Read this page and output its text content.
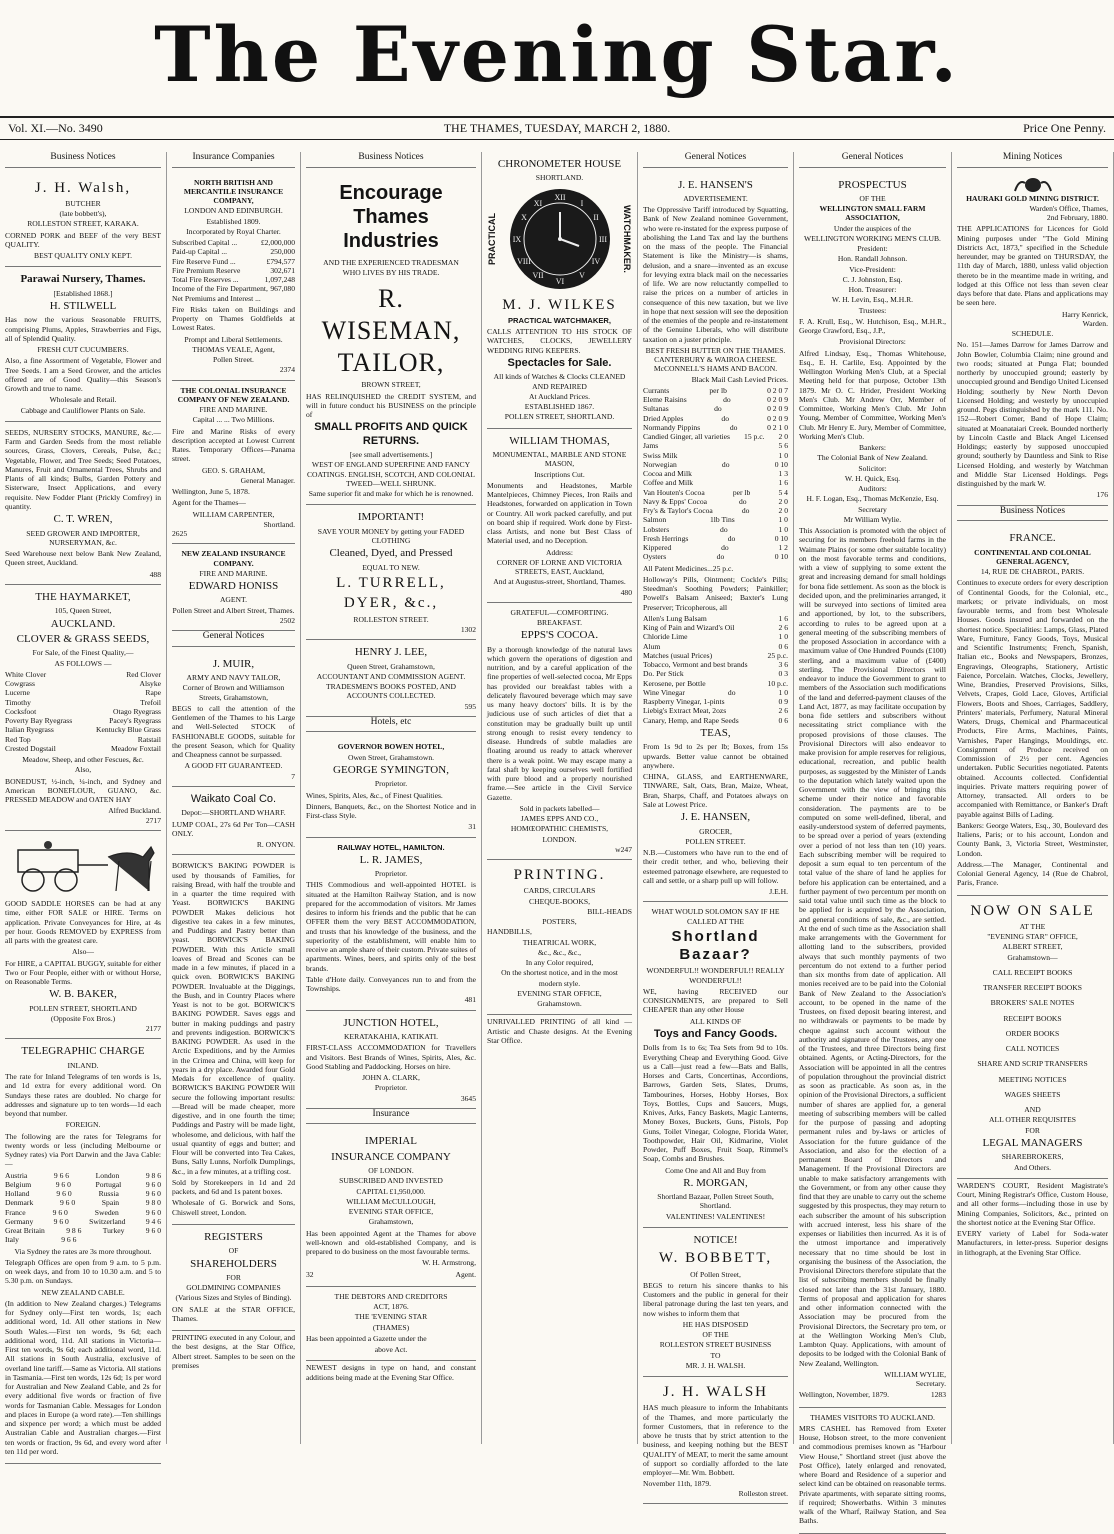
The Evening Star.
THE THAMES, TUESDAY, MARCH 2, 1880.
Vol. XI.—No. 3490	Price One Penny.
Business Notices
J. H. Walsh,
BUTCHER
(late bobbett's),
ROLLESTON STREET, KARAKA.
CORNED PORK and BEEF of the very BEST QUALITY.
BEST QUALITY ONLY KEPT.
Parawai Nursery, Thames.
[Established 1868.]
H. STILWELL
Has now the various Seasonable FRUITS, comprising Plums, Apples, Strawberries and Figs, all of Splendid Quality.
FRESH CUT CUCUMBERS.
Also, a fine Assortment of Vegetable, Flower and Tree Seeds. I am a Seed Grower, and the articles offered are of Good Quality—this Season's Growth and true to name.
Wholesale and Retail.
Cabbage and Cauliflower Plants on Sale.
SEEDS, NURSERY STOCKS, MANURE, &c.—Farm and Garden Seeds from the most reliable sources, Grass, Clovers, Cereals, Pulse, &c.; Vegetable, Flower, and Tree Seeds; Seed Potatoes, Manures, Fruit and Ornamental Trees, Shrubs and Plants of all kinds; Bulbs, Garden Pottery and Sisterware, Insect Applications, and every requisite. New Fodder Plant (Prickly Comfrey) in quantity.
C. T. WREN,
SEED GROWER AND IMPORTER, NURSERYMAN, &c.
Seed Warehouse next below Bank New Zealand, Queen street, Auckland.
488
THE HAYMARKET,
105, Queen Street,
AUCKLAND.
CLOVER & GRASS SEEDS,
For Sale, of the Finest Quality,—
AS FOLLOWS —
White Clover	Red Clover
Cowgrass	Alsyke
Lucerne	Rape
Timothy	Trefoil
Cocksfoot	Otago Ryegrass
Poverty Bay Ryegrass	Pacey's Ryegrass
Italian Ryegrass	Kentucky Blue Grass
Red Top	Ratstail
Crested Dogstail	Meadow Foxtail
Meadow, Sheep, and other Fescues, &c.
Also,
BONEDUST, ½-inch, ¼-inch, and Sydney and American BONEFLOUR, GUANO, &c. PRESSED MEADOW and OATEN HAY
Alfred Buckland.
2717
GOOD SADDLE HORSES can be had at any time, either FOR SALE or HIRE. Terms on application. Private Conveyances for Hire, at 4s per hour. Goods REMOVED by EXPRESS from all parts with the greatest care.
Also—
For HIRE, a CAPITAL BUGGY, suitable for either Two or Four People, either with or without Horse, on Reasonable Terms.
W. B. BAKER,
POLLEN STREET, SHORTLAND
(Opposite Fox Bros.)
2177
TELEGRAPHIC CHARGE
INLAND.
The rate for Inland Telegrams of ten words is 1s, and 1d extra for every additional word. On Sundays these rates are doubled. No charge for addresses and signature up to ten words—1d each beyond that number.
FOREIGN.
The following are the rates for Telegrams for twenty words or less (including Melbourne or Sydney rates) via Port Darwin and the Java Cable:—
Austria	9 6 6	London	9 8 6
Belgium	9 6 0	Portugal	9 6 0
Holland	9 6 0	Russia	9 6 0
Denmark	9 6 0	Spain	9 8 0
France	9 6 0	Sweden	9 6 0
Germany	9 6 0	Switzerland	9 4 6
Great Britain	9 8 6	Turkey	9 6 0
Italy	9 6 6
Via Sydney the rates are 3s more throughout.
Telegraph Offices are open from 9 a.m. to 5 p.m. on week days, and from 10 to 10.30 a.m. and 5 to 5.30 p.m. on Sundays.
NEW ZEALAND CABLE.
(In addition to New Zealand charges.) Telegrams for Sydney only—First ten words, 1s; each additional word, 1d. All other stations in New South Wales.—First ten words, 9s 6d; each additional word, 11d. All stations in Victoria—First ten words, 9s 6d; each additional word, 11d. All stations in South Australia, exclusive of overland line tariff.—Same as Victoria. All stations in Tasmania.—First ten words, 12s 6d; 1s per word for Australian and New Zealand Cable, and 2s for every additional five words or fraction of five words for Tasmanian Cable. Messages for London and places in Europe (a word rate).—Ten shillings and sixpence per word; a which must be added Australian Cable and Australian charges.—First ten words or fraction, 9s 6d, and every word after ten 11d per word.
Insurance Companies
NORTH BRITISH AND MERCANTILE INSURANCE COMPANY,
LONDON AND EDINBURGH.
Established 1809.
Incorporated by Royal Charter.
Subscribed Capital ...	£2,000,000
Paid-up Capital ...	250,000
Fire Reserve Fund ...	£794,577
Fire Premium Reserve	302,671
Total Fire Reserves ...	1,097,248
Income of the Fire Department, Net Premiums and Interest ...
967,080
Fire Risks taken on Buildings and Property on Thames Goldfields at Lowest Rates.
Prompt and Liberal Settlements.
THOMAS VEALE, Agent,
Pollen Street.
2374
THE COLONIAL INSURANCE COMPANY OF NEW ZEALAND.
FIRE AND MARINE.
Capital ... ... Two Millions.
Fire and Marine Risks of every description accepted at Lowest Current Rates. Temporary Offices—Panama street.
GEO. S. GRAHAM,
General Manager.
Wellington, June 5, 1878.
Agent for the Thames—
WILLIAM CARPENTER,
Shortland.
2625
NEW ZEALAND INSURANCE COMPANY.
FIRE AND MARINE.
EDWARD HONISS
AGENT.
Pollen Street and Albert Street, Thames.
2502
General Notices
J. MUIR,
ARMY AND NAVY TAILOR,
Corner of Brown and Williamson Streets, Grahamstown,
BEGS to call the attention of the Gentlemen of the Thames to his Large and Well-Selected STOCK of FASHIONABLE GOODS, suitable for the present Season, which for Quality and Cheapness cannot be surpassed.
A GOOD FIT GUARANTEED.
7
Waikato Coal Co.
Depot:—SHORTLAND WHARF.
LUMP COAL, 27s 6d Per Ton—CASH ONLY.
R. ONYON.
BORWICK'S BAKING POWDER is used by thousands of Families, for raising Bread, with half the trouble and in a quarter the time required with Yeast. BORWICK'S BAKING POWDER Makes delicious hot digestive tea cakes in a few minutes, and Puddings and Pastry better than yeast. BORWICK'S BAKING POWDER. With this Article small loaves of Bread and Scones can be made in a few minutes, if placed in a quick oven. BORWICK'S BAKING POWDER. Invaluable at the Diggings, the Bush, and in Country Places where Yeast is not to be got. BORWICK'S BAKING POWDER. Saves eggs and butter in making puddings and pastry and prevents indigestion. BORWICK'S BAKING POWDER. As used in the Arctic Expeditions, and by the Armies in the Crimea and China, will keep for years in a dry place. Awarded four Gold Medals for excellence of quality. BORWICK'S BAKING POWDER Will secure the following important results:—Bread will be made cheaper, more digestive, and in one fourth the time; Puddings and Pastry will be made light, wholesome, and delicious, with half the usual quantity of eggs and butter; and Flour will be converted into Tea Cakes, Buns, Sally Lunns, Norfolk Dumplings, &c., in a few minutes, at a trifling cost.
Sold by Storekeepers in 1d and 2d packets, and 6d and 1s patent boxes.
Wholesale of G. Borwick and Sons, Chiswell street, London.
REGISTERS
OF
SHAREHOLDERS
FOR
GOLDMINING COMPANIES
(Various Sizes and Styles of Binding).
ON SALE at the STAR OFFICE, Thames.
PRINTING executed in any Colour, and the best designs, at the Star Office, Albert street. Samples to be seen on the premises
Business Notices
Encourage Thames Industries
AND THE EXPERIENCED TRADESMAN
WHO LIVES BY HIS TRADE.
R. WISEMAN, TAILOR,
BROWN STREET,
HAS RELINQUISHED the CREDIT SYSTEM, and will in future conduct his BUSINESS on the principle of
SMALL PROFITS AND QUICK RETURNS.
[see small advertisements.]
WEST OF ENGLAND SUPERFINE AND FANCY COATINGS. ENGLISH, SCOTCH, AND COLONIAL TWEED—WELL SHRUNK.
Same superior fit and make for which he is renowned.
IMPORTANT!
SAVE YOUR MONEY by getting your FADED CLOTHING
Cleaned, Dyed, and Pressed
EQUAL TO NEW.
L. TURRELL,
DYER, &c.,
ROLLESTON STREET.
1302
HENRY J. LEE,
Queen Street, Grahamstown,
ACCOUNTANT AND COMMISSION AGENT.
TRADESMEN'S BOOKS POSTED, AND ACCOUNTS COLLECTED.
595
Hotels, etc
GOVERNOR BOWEN HOTEL,
Owen Street, Grahamstown.
GEORGE SYMINGTON,
Proprietor.
Wines, Spirits, Ales, &c., of Finest Qualities.
Dinners, Banquets, &c., on the Shortest Notice and in First-class Style.
31
RAILWAY HOTEL, HAMILTON.
L. R. JAMES,
Proprietor.
THIS Commodious and well-appointed HOTEL is situated at the Hamilton Railway Station, and is now prepared for the accommodation of visitors. Mr James desires to inform his friends and the public that he can OFFER them the very BEST ACCOMMODATION, and trusts that his knowledge of the business, and the superiority of the establishment, will enable him to receive an ample share of their custom. Private suites of apartments. Wines, beers, and spirits only of the best brands.
Table d'Hote daily. Conveyances run to and from the Townships.
481
JUNCTION HOTEL,
KERATAKAHIA, KATIKATI.
FIRST-CLASS ACCOMMODATION for Travellers and Visitors. Best Brands of Wines, Spirits, Ales, &c. Good Stabling and Paddocking. Horses on hire.
JOHN A. CLARK,
Proprietor.
3645
Insurance
IMPERIAL
INSURANCE COMPANY
OF LONDON.
SUBSCRIBED AND INVESTED
CAPITAL £1,950,000.
WILLIAM McCULLOUGH,
EVENING STAR OFFICE,
Grahamstown,
Has been appointed Agent at the Thames for above well-known and old-established Company, and is prepared to do business on the most favourable terms.
W. H. Armstrong,
32	Agent.
THE DEBTORS AND CREDITORS
ACT, 1876.
THE 'EVENING STAR
(THAMES)
Has been appointed a Gazette under the
above Act.
NEWEST designs in type on hand, and constant additions being made at the Evening Star Office.
CHRONOMETER HOUSE
SHORTLAND.
PRACTICAL
XII
VI
IX	III
I
II
IV
V
VII
VIII
X
XI
WATCHMAKER.
M. J. WILKES
PRACTICAL WATCHMAKER,
CALLS ATTENTION TO HIS STOCK OF WATCHES, CLOCKS, JEWELLERY WEDDING RING KEEPERS.
Spectacles for Sale.
All kinds of Watches & Clocks CLEANED AND REPAIRED
At Auckland Prices.
ESTABLISHED 1867.
POLLEN STREET, SHORTLAND.
WILLIAM THOMAS,
MONUMENTAL, MARBLE AND STONE MASON,
Inscriptions Cut.
Monuments and Headstones, Marble Mantelpieces, Chimney Pieces, Iron Rails and Headstones, forwarded on application in Town or Country. All work packed carefully, and put on board ship if required. Work done by First-class Artists, and none but Best Class of Material used, and no Deception.
Address:
CORNER OF LORNE AND VICTORIA STREETS, EAST, Auckland,
And at Augustus-street, Shortland, Thames.
480
GRATEFUL—COMFORTING.
BREAKFAST.
EPPS'S COCOA.
By a thorough knowledge of the natural laws which govern the operations of digestion and nutrition, and by a careful application of the fine properties of well-selected cocoa, Mr Epps has provided our breakfast tables with a delicately flavoured beverage which may save us many heavy doctors' bills. It is by the judicious use of such articles of diet that a constitution may be gradually built up until strong enough to resist every tendency to disease. Hundreds of subtle maladies are floating around us ready to attack wherever there is a weak point. We may escape many a fatal shaft by keeping ourselves well fortified with pure blood and a properly nourished frame.—See article in the Civil Service Gazette.
Sold in packets labelled—
JAMES EPPS AND CO.,
HOMŒOPATHIC CHEMISTS,
LONDON.
w247
PRINTING.
CARDS, CIRCULARS
CHEQUE-BOOKS,
BILL-HEADS
POSTERS,
HANDBILLS,
THEATRICAL WORK,
&c., &c., &c.,
In any Color required,
On the shortest notice, and in the most
modern style.
EVENING STAR OFFICE,
Grahamstown.
UNRIVALLED PRINTING of all kind —Artistic and Chaste designs. At the Evening Star Office.
General Notices
J. E. HANSEN'S
ADVERTISEMENT.
The Oppressive Tariff introduced by Squatting, Bank of New Zealand nominee Government, who were re-instated for the express purpose of abolishing the Land Tax and lay the burthens on the mass of the people. The Financial Statement is like the Ministry—is shams, delusion, and a snare—invented as an excuse for levying extra black mail on the necessaries of life. We are now reluctantly compelled to raise the prices on a number of articles in consequence of this new taxation, but we live in hope that next session will see the deposition of the enemies of the people and re-instatement of the Genuine Liberals, who will distribute taxation on a juster principle.
BEST FRESH BUTTER ON THE THAMES. CANTERBURY & WAIROA CHEESE. McCONNELL'S HAMS AND BACON.
Black Mail Cash Levied Prices.
Currants	per lb	0 2 0 7
Eleme Raisins	do	0 2 0 9
Sultanas	do	0 2 0 9
Dried Apples	do	0 2 0 9
Normandy Pippins	do	0 2 1 0
Candied Ginger, all varieties 15 p.c. 2 0
Jams	5 6
Swiss Milk	1 0
Norwegian	do	0 10
Cocoa and Milk	1 3
Coffee and Milk	1 6
Van Houten's Cocoa	per lb	5 4
Navy & Epps' Cocoa	do	2 0
Fry's & Taylor's Cocoa	do	2 0
Salmon	1lb Tins	1 0
Lobsters	do	1 0
Fresh Herrings	do	0 10
Kippered	do	1 2
Oysters	do	0 10
All Patent Medicines...25 p.c.
Holloway's Pills, Ointment; Cockle's Pills; Steedman's Soothing Powders; Painkiller; Powell's Balsam Aniseed; Baxter's Lung Preserver; Tricopherous, all
Allen's Lung Balsam	1 6
King of Pain and Wizard's Oil	2 6
Chloride Lime	1 0
Alum	0 6
Matches (usual Prices)	25 p.c.
Tobacco, Vermont and best brands	3 6
Do. Per Stick	0 3
Kerosene, per Bottle	10 p.c.
Wine Vinegar	do	1 0
Raspberry Vinegar, 1-pints	0 9
Liebig's Extract Meat, 2ozs	2 6
Canary, Hemp, and Rape Seeds	0 6
TEAS,
From 1s 9d to 2s per lb; Boxes, from 15s upwards. Better value cannot be obtained anywhere.
CHINA, GLASS, and EARTHENWARE, TINWARE, Salt, Oats, Bran, Maize, Wheat, Bran, Sharps, Chaff, and Potatoes always on Sale at Lowest Price.
J. E. HANSEN,
GROCER,
POLLEN STREET.
N.B.—Customers who have run to the end of their credit tether, and who, believing their esteemed patronage elsewhere, are requested to call and settle, or a sharp pull up will follow.
J.E.H.
WHAT WOULD SOLOMON SAY IF HE CALLED AT THE
Shortland Bazaar?
WONDERFUL!! WONDERFUL!! REALLY WONDERFUL!!
WE, having RECEIVED our CONSIGNMENTS, are prepared to Sell CHEAPER than any other House
ALL KINDS OF
Toys and Fancy Goods.
Dolls from 1s to 6s; Tea Sets from 9d to 10s. Everything Cheap and Everything Good. Give us a Call—just read a few—Bats and Balls, Horses and Carts, Concertinas, Accordions, Barrows, Garden Sets, Slates, Drums, Tambourines, Horses, Hobby Horses, Box Toys, Bottles, Cups and Saucers, Mugs, Knives, Arks, Fancy Baskets, Magic Lanterns, Money Boxes, Buckets, Guns, Pistols, Pop Guns, Toilet Vinegar, Cologne, Florida Water, Toothpowder, Hair Oil, Kidmarine, Violet Powder, Puff Boxes, Fruit Soap, Rimmel's Soap, Combs and Brushes.
Come One and All and Buy from
R. MORGAN,
Shortland Bazaar, Pollen Street South, Shortland.
VALENTINES! VALENTINES!
NOTICE!
W. BOBBETT,
Of Pollen Street,
BEGS to return his sincere thanks to his Customers and the public in general for their liberal patronage during the last ten years, and now wishes to inform them that
HE HAS DISPOSED
OF THE
ROLLESTON STREET BUSINESS
TO
MR. J. H. WALSH.
J. H. WALSH
HAS much pleasure to inform the Inhabitants of the Thames, and more particularly the former Customers, that in reference to the above he trusts that by strict attention to the business, and keeping nothing but the BEST QUALITY of MEAT, to merit the same amount of support so cordially afforded to the late employer—Mr. Wm. Bobbett.
November 11th, 1879.
Rolleston street.
General Notices
PROSPECTUS
OF THE
WELLINGTON SMALL FARM ASSOCIATION,
Under the auspices of the
WELLINGTON WORKING MEN'S CLUB.
President:
Hon. Randall Johnson.
Vice-President:
C. J. Johnston, Esq.
Hon. Treasurer:
W. H. Levin, Esq., M.H.R.
Trustees:
F. A. Krull, Esq., W. Hutchison, Esq., M.H.R., George Crawford, Esq., J.P.,
Provisional Directors:
Alfred Lindsay, Esq., Thomas Whitehouse, Esq., E. H. Carlile, Esq. Appointed by the Wellington Working Men's Club, at a Special Meeting held for that purpose, October 13th 1879. Mr O. C. Hrider, President Working Men's Club. Mr Andrew Orr, Member of Committee, Working Men's Club. Mr John Young, Member of Committee, Working Men's Club. Mr Henry E. Jury, Member of Committee, Working Men's Club.
Bankers:
The Colonial Bank of New Zealand.
Solicitor:
W. H. Quick, Esq.
Auditors:
H. F. Logan, Esq., Thomas McKenzie, Esq.
Secretary
Mr William Wylie.
This Association is promoted with the object of securing for its members freehold farms in the Waimate Plains (or some other suitable locality) on the most favorable terms and conditions, with a view of supplying to some extent the great and increasing demand for small holdings for bona fide settlement. As soon as the block is decided upon, and the preliminaries arranged, it will be surveyed into sections of limited area and apportioned, by lot, to the subscribers, according to rules to be agreed upon at a general meeting of the subscribing members of the proposed Association in accordance with a maximum value of One Hundred Pounds (£100) sterling, and a maximum value of (£400) sterling. The Provisional Directors will endeavor to induce the Government to grant to members of the Association such modifications of the land and deferred-payment clauses of the Land Act, 1877, as may facilitate occupation by bona fide settlers and subscribers without necessitating strict compliance with the proposed provisions of those clauses. The Provisional Directors will also endeavor to make provision for ample reserves for religious, educational, recreation, and public health purposes, as suggested by the Minister of Lands to the deputation which lately waited upon the Government with the view of bringing this scheme under their notice and favorable consideration. The payments are to be computed on some well-defined, liberal, and easily-understood system of deferred payments, to be spread over a period of years (extending over a period of not less than ten (10) years. Each subscribing member will be required to deposit a sum equal to ten percentum of the total value of the share of land he applies for before his application can be entertained, and a further payment of two percentum per month on said total value until such time as the block to be applied for is acquired by the Association, and general conditions of sale, &c., are settled. At the end of such time as the Association shall make arrangements with the Government for allotting land to the subscribers, provided always that such monthly payments of two percentum do not extend to a further period than six months from date of application. All monies received are to be paid into the Colonial Bank of New Zealand to the Association's account, to be opened in the name of the Trustees, on fixed deposit bearing interest, and no withdrawals or payments to be made by cheque against such account without the authority and signature of the Trustees, any one of the Trustees, and three Directors being first obtained. Agents, or Acting-Directors, for the Association will be appointed in all the centres of population throughout the provincial district as soon as practicable. As soon as, in the opinion of the Provisional Directors, a sufficient number of shares are applied for, a general meeting of subscribing members will be called for the purpose of passing and adopting permanent rules and by-laws or articles of Association for the future guidance of the Association, and also for the election of a permanent Board of Directors and Management. If the Provisional Directors are unable to make satisfactory arrangements with the Government, or from any other cause they find that they are unable to carry out the scheme suggested by this prospectus, they may return to each subscriber the amount of his subscription with accrued interest, less his share of the expenses or liabilities then incurred. As it is of the utmost importance and imperatively necessary that no time should be lost in organising the business of the Association, the Provisional Directors therefore stipulate that the list of subscribing members should be finally closed not later than the 31st January, 1880. Terms of proposal and application for shares and other information connected with the Association may be procured from the Provisional Directors, the Secretary pro tem, or at the Wellington Working Men's Club, Lambton Quay. Applications, with amount of deposits to be lodged with the Colonial Bank of New Zealand, Wellington.
WILLIAM WYLIE,
Secretary.
Wellington, November, 1879.	1283
THAMES VISITORS TO AUCKLAND.
MRS CASHEL has Removed from Exeter House, Hobson street, to the more convenient and commodious premises known as "Harbour View House," Shortland street (just above the Post Office), lately enlarged and renovated, where Board and Residence of a superior and select kind can be obtained on reasonable terms. Private apartments, with separate sitting rooms, if required; Showerbaths. Within 3 minutes walk of the Wharf, Railway Station, and Sea Baths.
Mining Notices
HAURAKI GOLD MINING DISTRICT.
Warden's Office, Thames,
2nd February, 1880.
THE APPLICATIONS for Licences for Gold Mining purposes under "The Gold Mining Districts Act, 1873," specified in the Schedule hereunder, may be granted on THURSDAY, the 11th day of March, 1880, unless valid objection thereto be in the meantime made in writing, and lodged at this Office not less than seven clear days before that date. Plans and applications may be seen here.
Harry Kenrick,
Warden.
SCHEDULE.
No. 151—James Darrow for James Darrow and John Bowler, Columbia Claim; nine ground and two roods; situated at Punga Flat; bounded northerly by unoccupied ground; easterly by unoccupied ground and Bendigo United Licensed Holding; southerly by New North Devon Licensed Holding; and westerly by unoccupied ground. Pegs distinguished by the mark 111. No. 152—Robert Comer, Band of Hope Claim; situated at Moanataiari Creek. Bounded northerly by Lincoln Castle and Black Angel Licensed Holdings; easterly by supposed unoccupied ground; southerly by Dauntless and Sink to Rise Licensed Holding, and westerly by Watchman and Middle Star Licensed Holdings. Pegs distinguished by the mark W.
176
Business Notices
FRANCE.
CONTINENTAL AND COLONIAL GENERAL AGENCY,
14, RUE DE CHABROL, PARIS.
Continues to execute orders for every description of Continental Goods, for the Colonial, etc., markets; or private individuals, on most favourable terms, and from best Wholesale Houses. Goods insured and forwarded on the shortest notice. Specialities: Lamps, Glass, Plated Ware, Furniture, Fancy Goods, Toys, Musical and Scientific Instruments; French, Spanish, Italian etc., Books and Newspapers, Bronzes, Engravings, Oleographs, Stationery, Artistic Faience, Porcelain. Watches, Clocks, Jewellery, Wine, Brandies, Preserved Provisions, Silks, Velvets, Crapes, Gold Lace, Gloves, Artificial Flowers, Boots and Shoes, Carriages, Saddlery, Printers' materials, Perfumery, Natural Mineral Waters, Drugs, Chemical and Pharmaceutical Products, Fire Arms, Machines, Paints, Varnishes, Paper Hangings, Mouldings, etc. Consignment of Produce received on Commission of 2½ per cent. Agencies undertaken. Public Securities negotiated. Patents obtained. Accounts collected. Confidential inquiries. Private matters requiring power of Attorney, transacted. All orders to be accompanied with Remittance, or Banker's Draft payable against Bills of Lading.
Bankers: George Waters, Esq., 30, Boulevard des Italiens, Paris; or to his account, London and County Bank, 3, Victoria Street, Westminster, London.
Address.—The Manager, Continental and Colonial General Agency, 14 (Rue de Chabrol, Paris, France.
NOW ON SALE
AT THE
"EVENING STAR" OFFICE,
ALBERT STREET,
Grahamstown—
CALL RECEIPT BOOKS
TRANSFER RECEIPT BOOKS
BROKERS' SALE NOTES
RECEIPT BOOKS
ORDER BOOKS
CALL NOTICES
SHARE AND SCRIP TRANSFERS
MEETING NOTICES
WAGES SHEETS
AND
ALL OTHER REQUISITES
FOR
LEGAL MANAGERS
SHAREBROKERS,
And Others.
WARDEN'S COURT, Resident Magistrate's Court, Mining Registrar's Office, Custom House, and all other forms—including those in use by Mining Companies, Solicitors, &c., printed on the shortest notice at the Evening Star Office.
EVERY variety of Label for Soda-water Manufacturers, in letter-press. Superior designs in lithograph, at the Evening Star Office.
